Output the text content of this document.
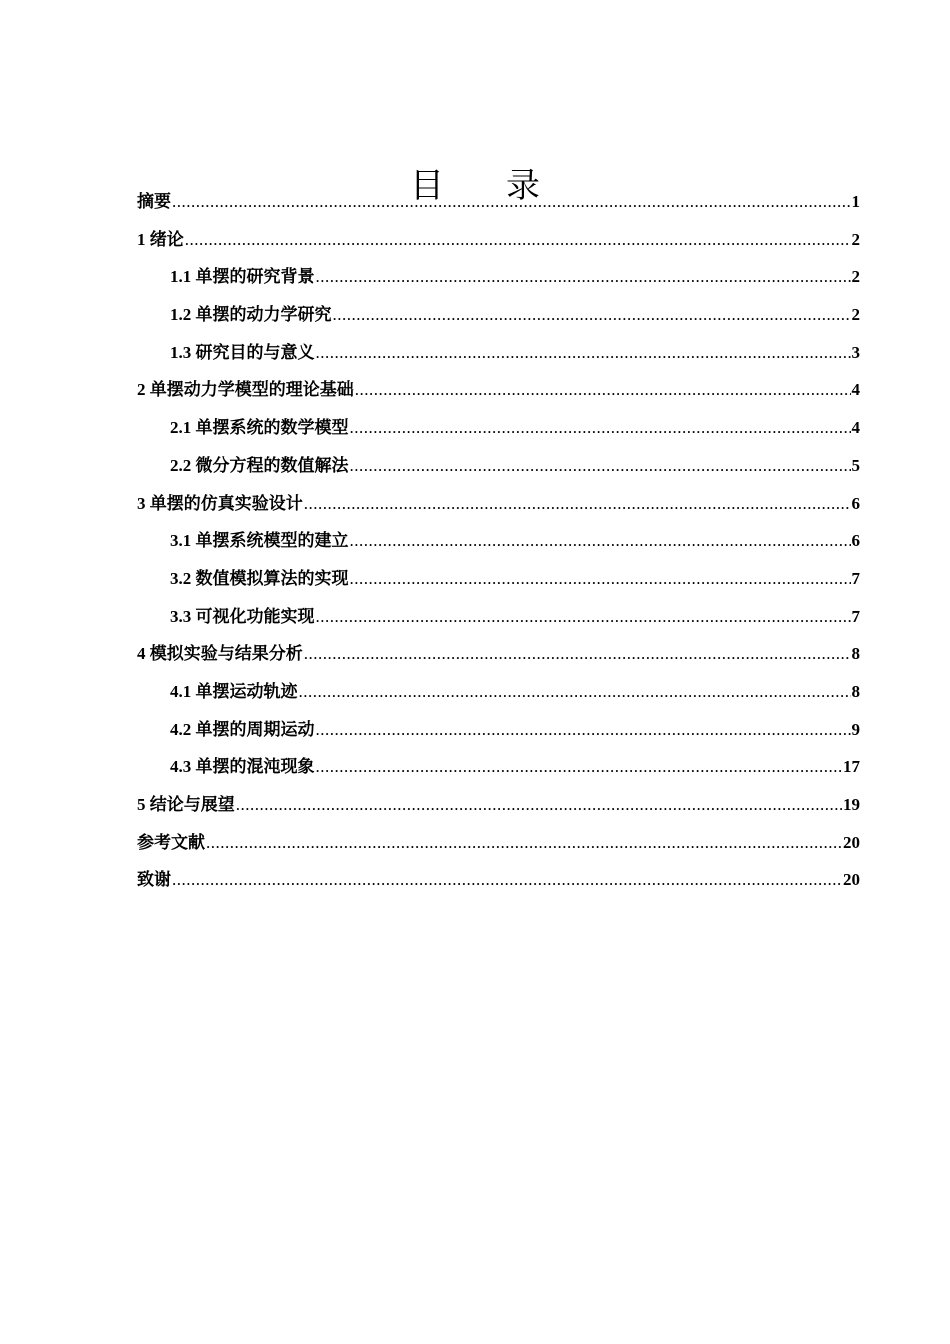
目录
摘要 .....	1
1 绪论 .....	2
1.1 单摆的研究背景 .....	2
1.2 单摆的动力学研究 .....	2
1.3 研究目的与意义 .....	3
2 单摆动力学模型的理论基础 .....	4
2.1 单摆系统的数学模型 .....	4
2.2 微分方程的数值解法 .....	5
3 单摆的仿真实验设计 .....	6
3.1 单摆系统模型的建立 .....	6
3.2 数值模拟算法的实现 .....	7
3.3 可视化功能实现 .....	7
4 模拟实验与结果分析 .....	8
4.1 单摆运动轨迹 .....	8
4.2 单摆的周期运动 .....	9
4.3 单摆的混沌现象 .....	17
5 结论与展望 .....	19
参考文献 .....	20
致谢 .....	20
